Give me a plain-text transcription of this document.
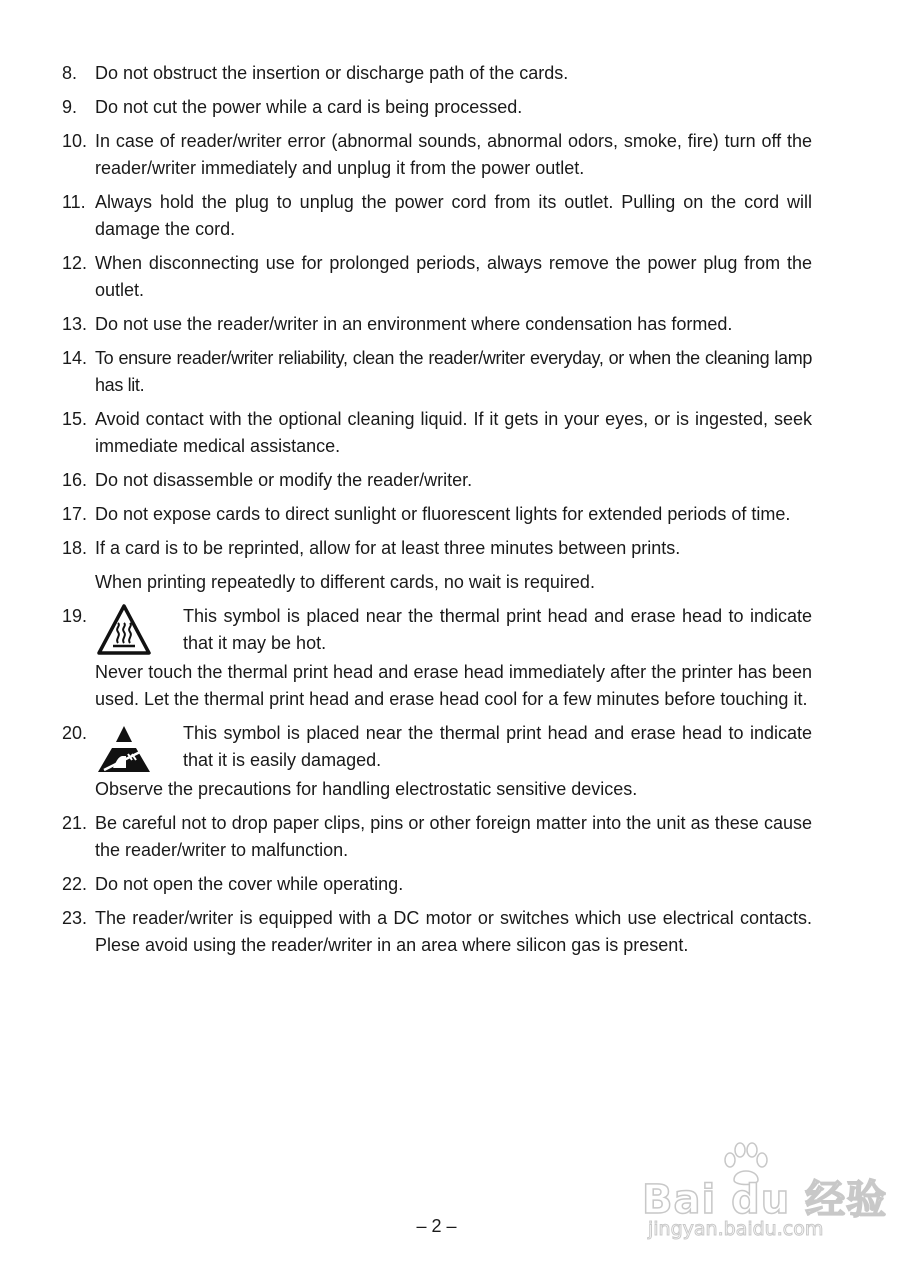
8. Do not obstruct the insertion or discharge path of the cards.

9. Do not cut the power while a card is being processed.

10. In case of reader/writer error (abnormal sounds, abnormal odors, smoke, fire) turn off the reader/writer immediately and unplug it from the power outlet.

11. Always hold the plug to unplug the power cord from its outlet. Pulling on the cord will damage the cord.

12. When disconnecting use for prolonged periods, always remove the power plug from the outlet.

13. Do not use the reader/writer in an environment where condensation has formed.

14. To ensure reader/writer reliability, clean the reader/writer everyday, or when the cleaning lamp has lit.

15. Avoid contact with the optional cleaning liquid. If it gets in your eyes, or is ingested, seek immediate medical assistance.

16. Do not disassemble or modify the reader/writer.

17. Do not expose cards to direct sunlight or fluorescent lights for extended periods of time.

18. If a card is to be reprinted, allow for at least three minutes between prints.

When printing repeatedly to different cards, no wait is required.

19.	This symbol is placed near the thermal print head and erase head to indicate that it may be hot.

Never touch the thermal print head and erase head immediately after the printer has been used. Let the thermal print head and erase head cool for a few minutes before touching it.

20.	This symbol is placed near the thermal print head and erase head to indicate that it is easily damaged.

Observe the precautions for handling electrostatic sensitive devices.

21. Be careful not to drop paper clips, pins or other foreign matter into the unit as these cause the reader/writer to malfunction.

22. Do not open the cover while operating.

23. The reader/writer is equipped with a DC motor or switches which use electrical contacts. Plese avoid using the reader/writer in an area where silicon gas is present.

– 2 –
Bai du 经验
jingyan.baidu.com
